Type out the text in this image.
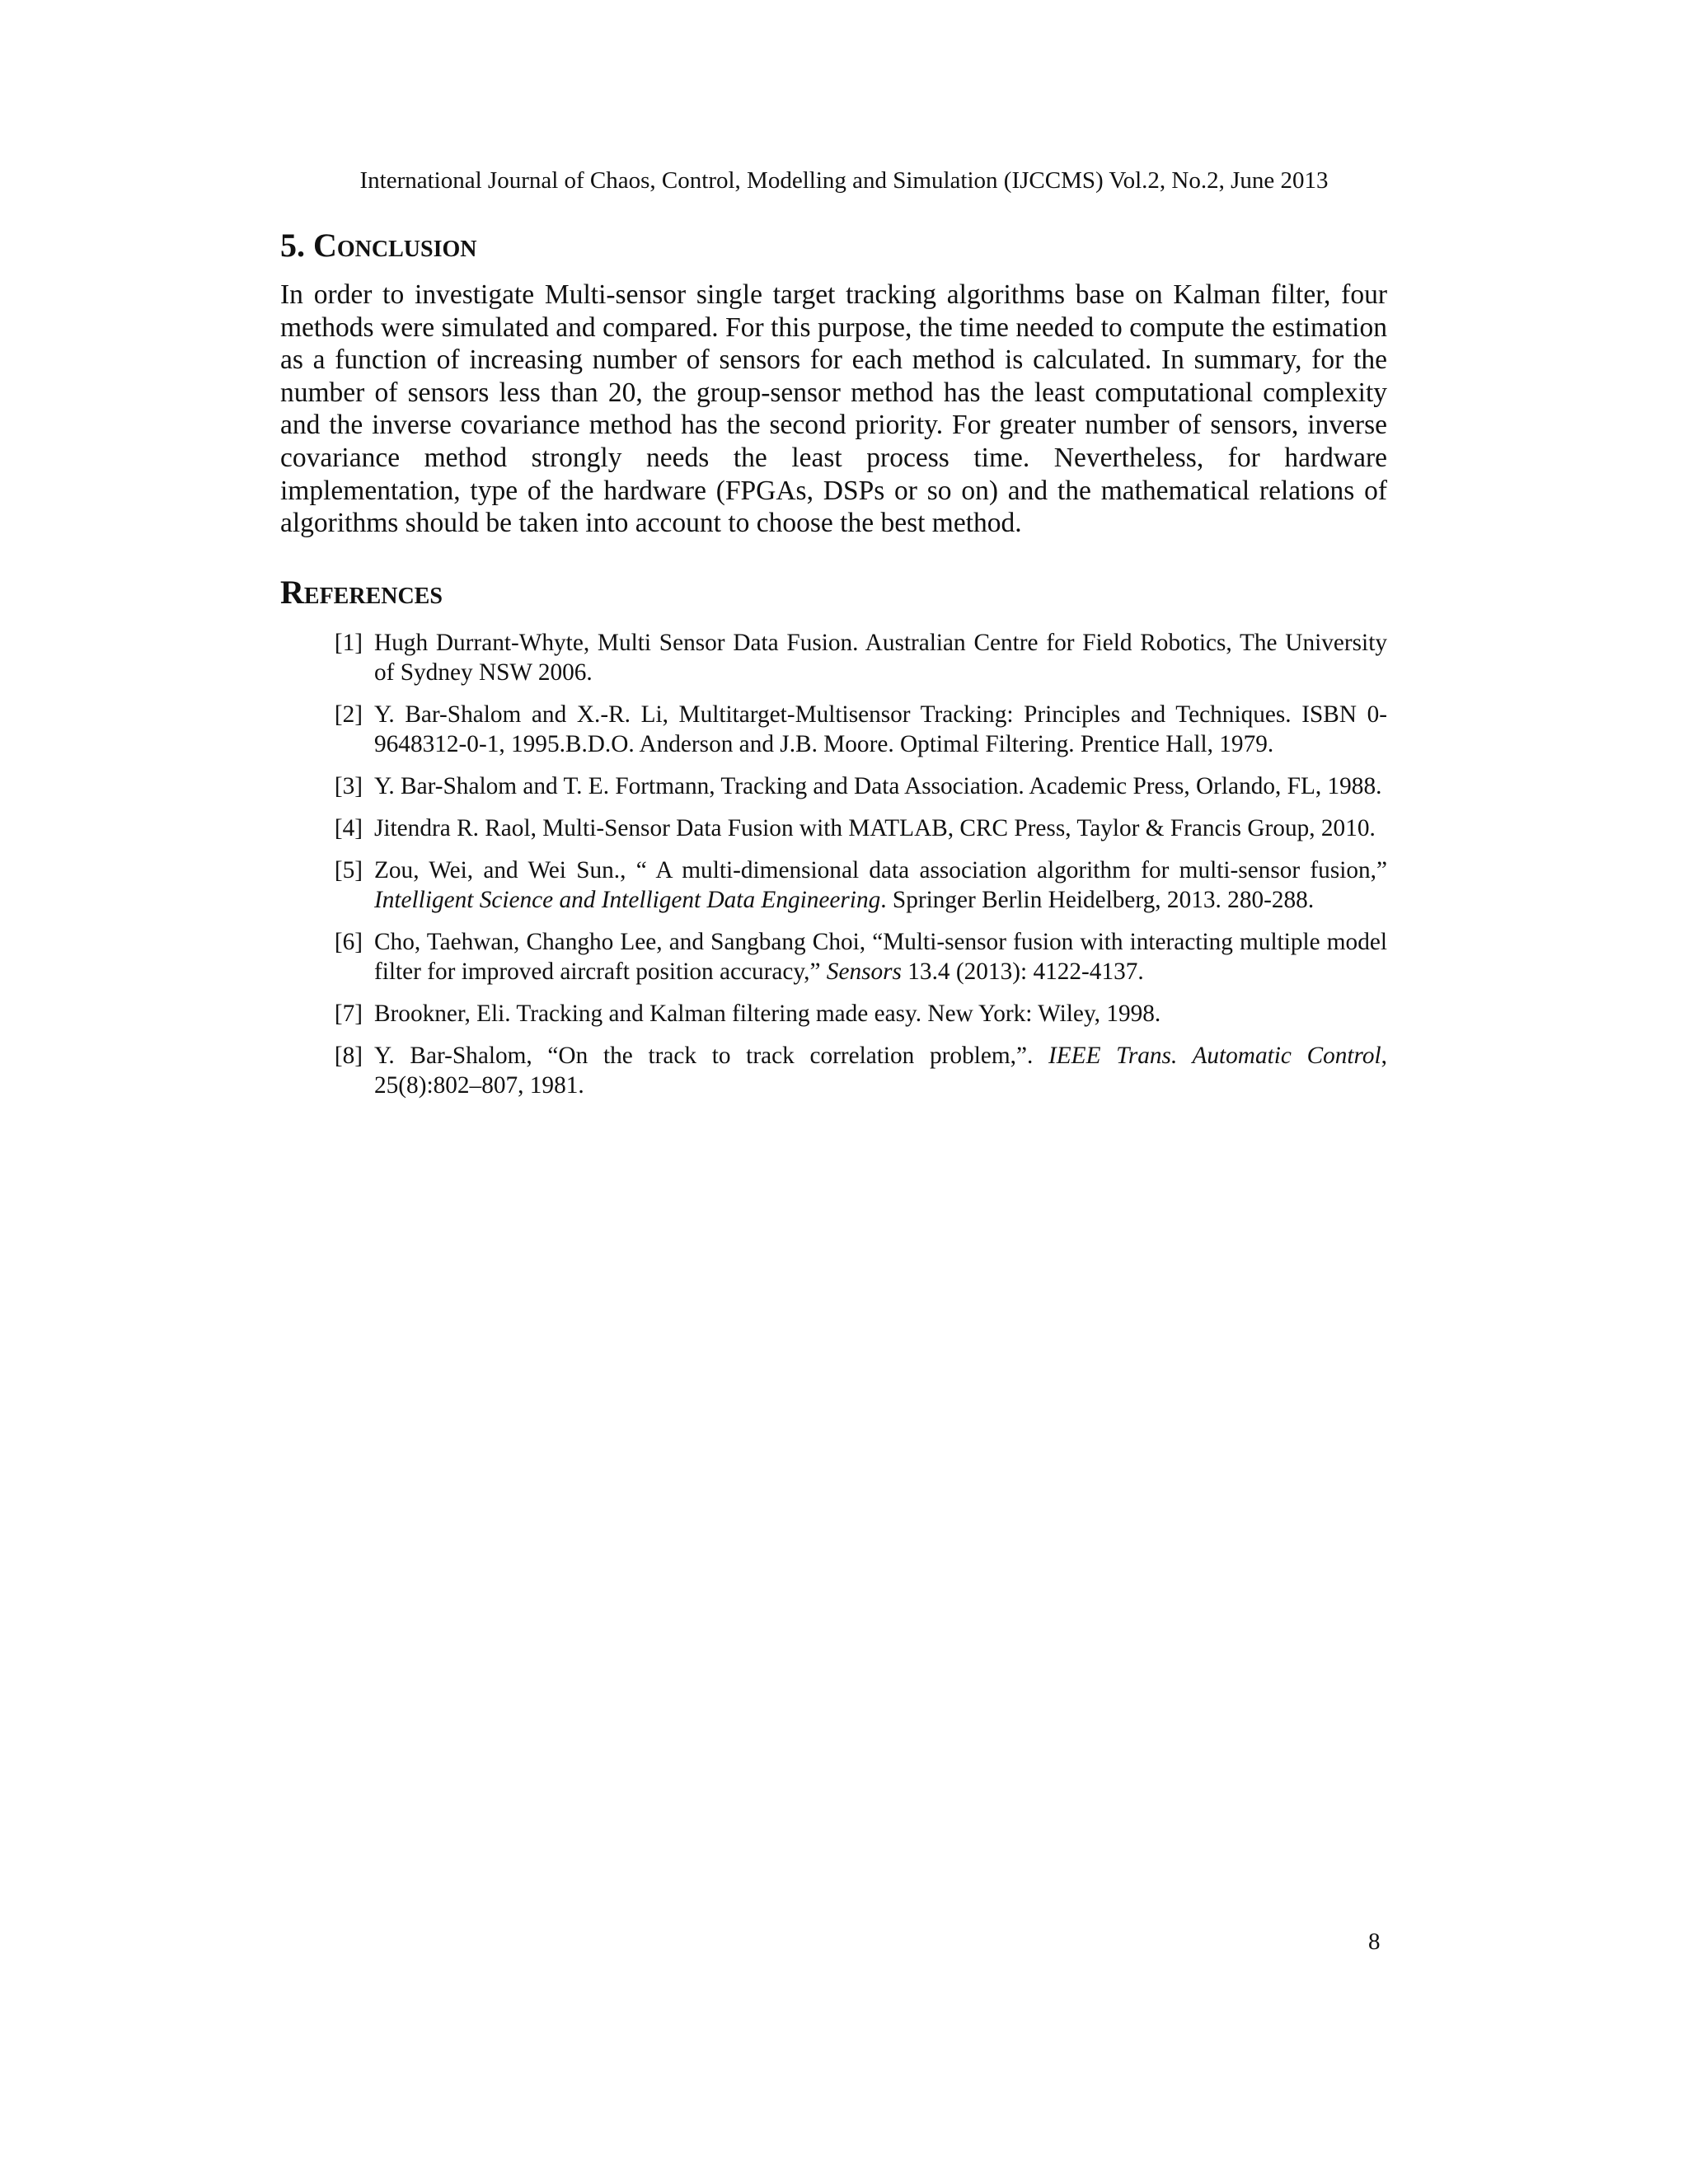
International Journal of Chaos, Control, Modelling and Simulation (IJCCMS) Vol.2, No.2, June 2013
5. Conclusion

In order to investigate Multi-sensor single target tracking algorithms base on Kalman filter, four methods were simulated and compared. For this purpose, the time needed to compute the estimation as a function of increasing number of sensors for each method is calculated. In summary, for the number of sensors less than 20, the group-sensor method has the least computational complexity and the inverse covariance method has the second priority. For greater number of sensors, inverse covariance method strongly needs the least process time. Nevertheless, for hardware implementation, type of the hardware (FPGAs, DSPs or so on) and the mathematical relations of algorithms should be taken into account to choose the best method.

References
[1] Hugh Durrant-Whyte, Multi Sensor Data Fusion. Australian Centre for Field Robotics, The University of Sydney NSW 2006.
[2] Y. Bar-Shalom and X.-R. Li, Multitarget-Multisensor Tracking: Principles and Techniques. ISBN 0-9648312-0-1, 1995.B.D.O. Anderson and J.B. Moore. Optimal Filtering. Prentice Hall, 1979.
[3] Y. Bar-Shalom and T. E. Fortmann, Tracking and Data Association. Academic Press, Orlando, FL, 1988.
[4] Jitendra R. Raol, Multi-Sensor Data Fusion with MATLAB, CRC Press, Taylor & Francis Group, 2010.
[5] Zou, Wei, and Wei Sun., “ A multi-dimensional data association algorithm for multi-sensor fusion,” Intelligent Science and Intelligent Data Engineering. Springer Berlin Heidelberg, 2013. 280-288.
[6] Cho, Taehwan, Changho Lee, and Sangbang Choi, “Multi-sensor fusion with interacting multiple model filter for improved aircraft position accuracy,” Sensors 13.4 (2013): 4122-4137.
[7] Brookner, Eli. Tracking and Kalman filtering made easy. New York: Wiley, 1998.
[8] Y. Bar-Shalom, “On the track to track correlation problem,”. IEEE Trans. Automatic Control, 25(8):802–807, 1981.
8
